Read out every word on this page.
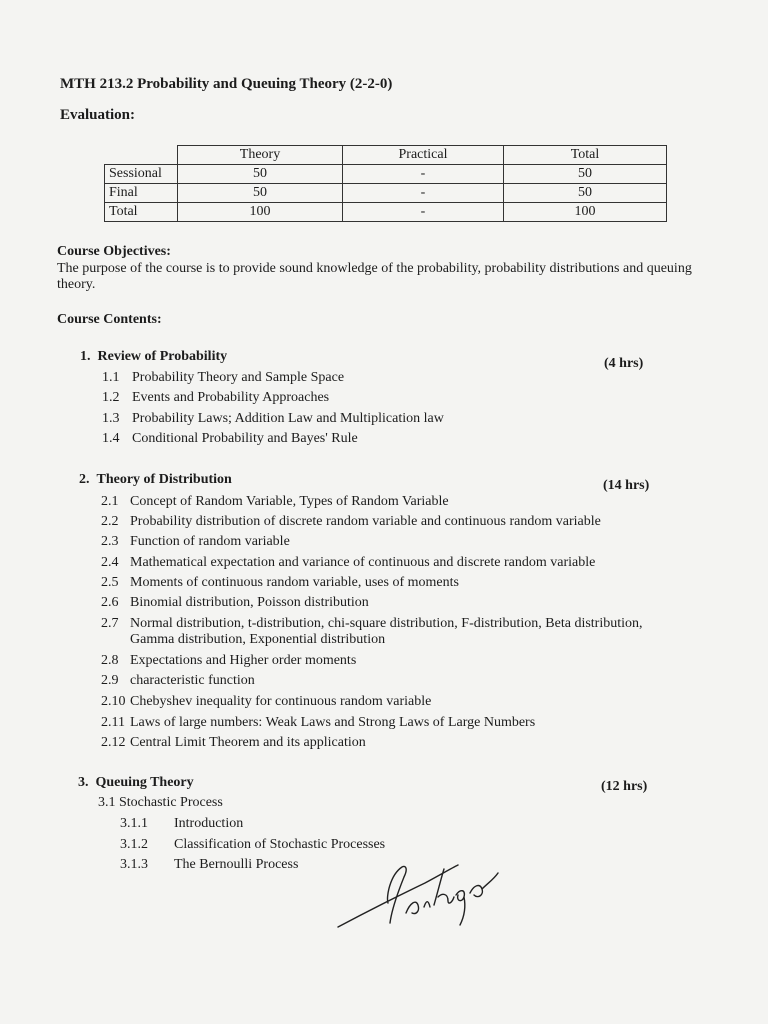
MTH 213.2 Probability and Queuing Theory (2-2-0)
Evaluation:
	Theory	Practical	Total
Sessional	50	-	50
Final	50	-	50
Total	100	-	100
Course Objectives:
The purpose of the course is to provide sound knowledge of the probability, probability distributions and queuing theory.
Course Contents:
1. Review of Probability	(4 hrs)
1.1 Probability Theory and Sample Space
1.2 Events and Probability Approaches
1.3 Probability Laws; Addition Law and Multiplication law
1.4 Conditional Probability and Bayes' Rule
2. Theory of Distribution	(14 hrs)
2.1 Concept of Random Variable, Types of Random Variable
2.2 Probability distribution of discrete random variable and continuous random variable
2.3 Function of random variable
2.4 Mathematical expectation and variance of continuous and discrete random variable
2.5 Moments of continuous random variable, uses of moments
2.6 Binomial distribution, Poisson distribution
2.7 Normal distribution, t-distribution, chi-square distribution, F-distribution, Beta distribution,
Gamma distribution, Exponential distribution
2.8 Expectations and Higher order moments
2.9 characteristic function
2.10 Chebyshev inequality for continuous random variable
2.11 Laws of large numbers: Weak Laws and Strong Laws of Large Numbers
2.12 Central Limit Theorem and its application
3. Queuing Theory	(12 hrs)
3.1 Stochastic Process
3.1.1 Introduction
3.1.2 Classification of Stochastic Processes
3.1.3 The Bernoulli Process
